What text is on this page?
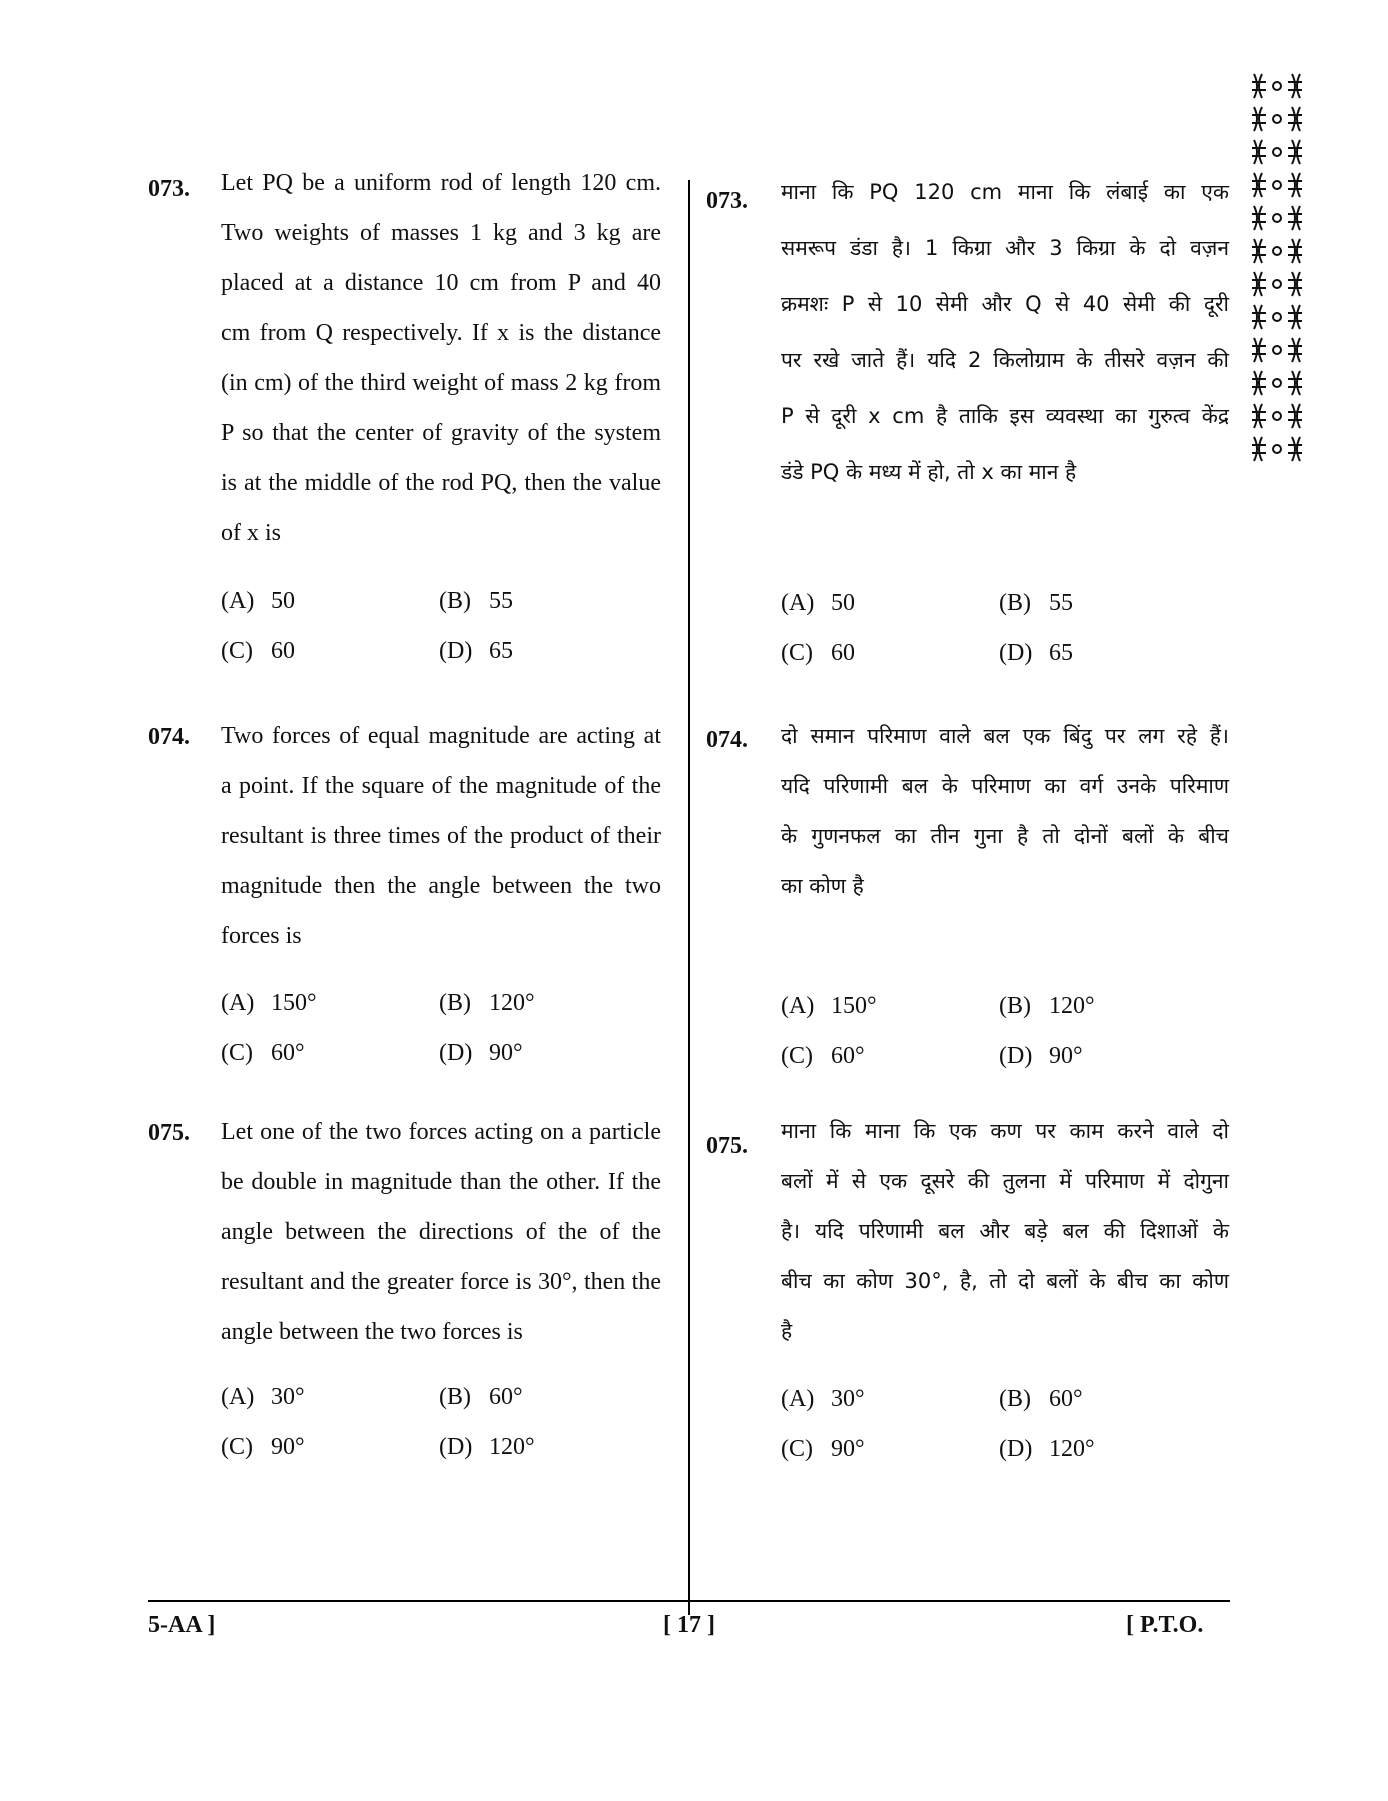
073. Let PQ be a uniform rod of length 120 cm.
Two weights of masses 1 kg and 3 kg are
placed at a distance 10 cm from P and 40
cm from Q respectively. If x is the distance
(in cm) of the third weight of mass 2 kg from
P so that the center of gravity of the system
is at the middle of the rod PQ, then the value
of x is
(A) 50	(B) 55
(C) 60	(D) 65
074. Two forces of equal magnitude are acting at
a point. If the square of the magnitude of the
resultant is three times of the product of their
magnitude then the angle between the two
forces is
(A) 150°	(B) 120°
(C) 60°	(D) 90°
075. Let one of the two forces acting on a particle
be double in magnitude than the other. If the
angle between the directions of the of the
resultant and the greater force is 30°, then the
angle between the two forces is
(A) 30°	(B) 60°
(C) 90°	(D) 120°
073. माना कि PQ 120 cm माना कि लंबाई का एक
समरूप डंडा है। 1 किग्रा और 3 किग्रा के दो वज़न
क्रमशः P से 10 सेमी और Q से 40 सेमी की दूरी
पर रखे जाते हैं। यदि 2 किलोग्राम के तीसरे वज़न की
P से दूरी x cm है ताकि इस व्यवस्था का गुरुत्व केंद्र
डंडे PQ के मध्य में हो, तो x का मान है
(A) 50	(B) 55
(C) 60	(D) 65
074. दो समान परिमाण वाले बल एक बिंदु पर लग रहे हैं।
यदि परिणामी बल के परिमाण का वर्ग उनके परिमाण
के गुणनफल का तीन गुना है तो दोनों बलों के बीच
का कोण है
(A) 150°	(B) 120°
(C) 60°	(D) 90°
075.
माना कि माना कि एक कण पर काम करने वाले दो
बलों में से एक दूसरे की तुलना में परिमाण में दोगुना
है। यदि परिणामी बल और बड़े बल की दिशाओं के
बीच का कोण 30°, है, तो दो बलों के बीच का कोण
है
(A) 30°	(B) 60°
(C) 90°	(D) 120°
5-AA ]	[ 17 ]	[ P.T.O.
